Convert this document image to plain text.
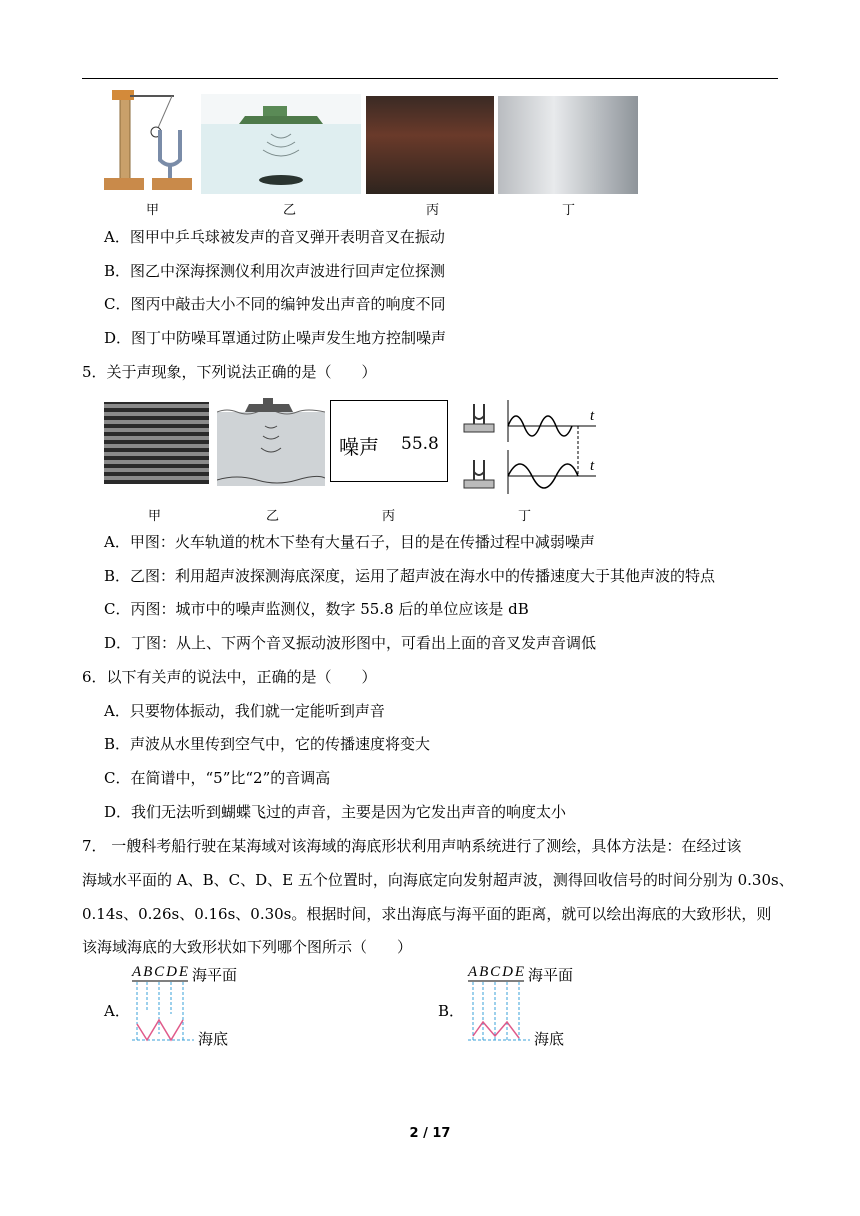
甲	乙	丙	丁
A．图甲中乒乓球被发声的音叉弹开表明音叉在振动
B．图乙中深海探测仪利用次声波进行回声定位探测
C．图丙中敲击大小不同的编钟发出声音的响度不同
D．图丁中防噪耳罩通过防止噪声发生地方控制噪声
5．关于声现象，下列说法正确的是（　　）
噪声 55.8
t
t
甲	乙	丙	丁
A．甲图：火车轨道的枕木下垫有大量石子，目的是在传播过程中减弱噪声
B．乙图：利用超声波探测海底深度，运用了超声波在海水中的传播速度大于其他声波的特点
C．丙图：城市中的噪声监测仪，数字 55.8 后的单位应该是 dB
D．丁图：从上、下两个音叉振动波形图中，可看出上面的音叉发声音调低
6．以下有关声的说法中，正确的是（　　）
A．只要物体振动，我们就一定能听到声音
B．声波从水里传到空气中，它的传播速度将变大
C．在简谱中，“5”比“2”的音调高
D．我们无法听到蝴蝶飞过的声音，主要是因为它发出声音的响度太小
7． 一艘科考船行驶在某海域对该海域的海底形状利用声呐系统进行了测绘，具体方法是：在经过该
海域水平面的 A、B、C、D、E 五个位置时，向海底定向发射超声波，测得回收信号的时间分别为 0.30s、
0.14s、0.26s、0.16s、0.30s。根据时间，求出海底与海平面的距离，就可以绘出海底的大致形状，则
该海域海底的大致形状如下列哪个图所示（　　）
A．
ABCDE 海平面
海底
B．
ABCDE 海平面
海底
2 / 17
